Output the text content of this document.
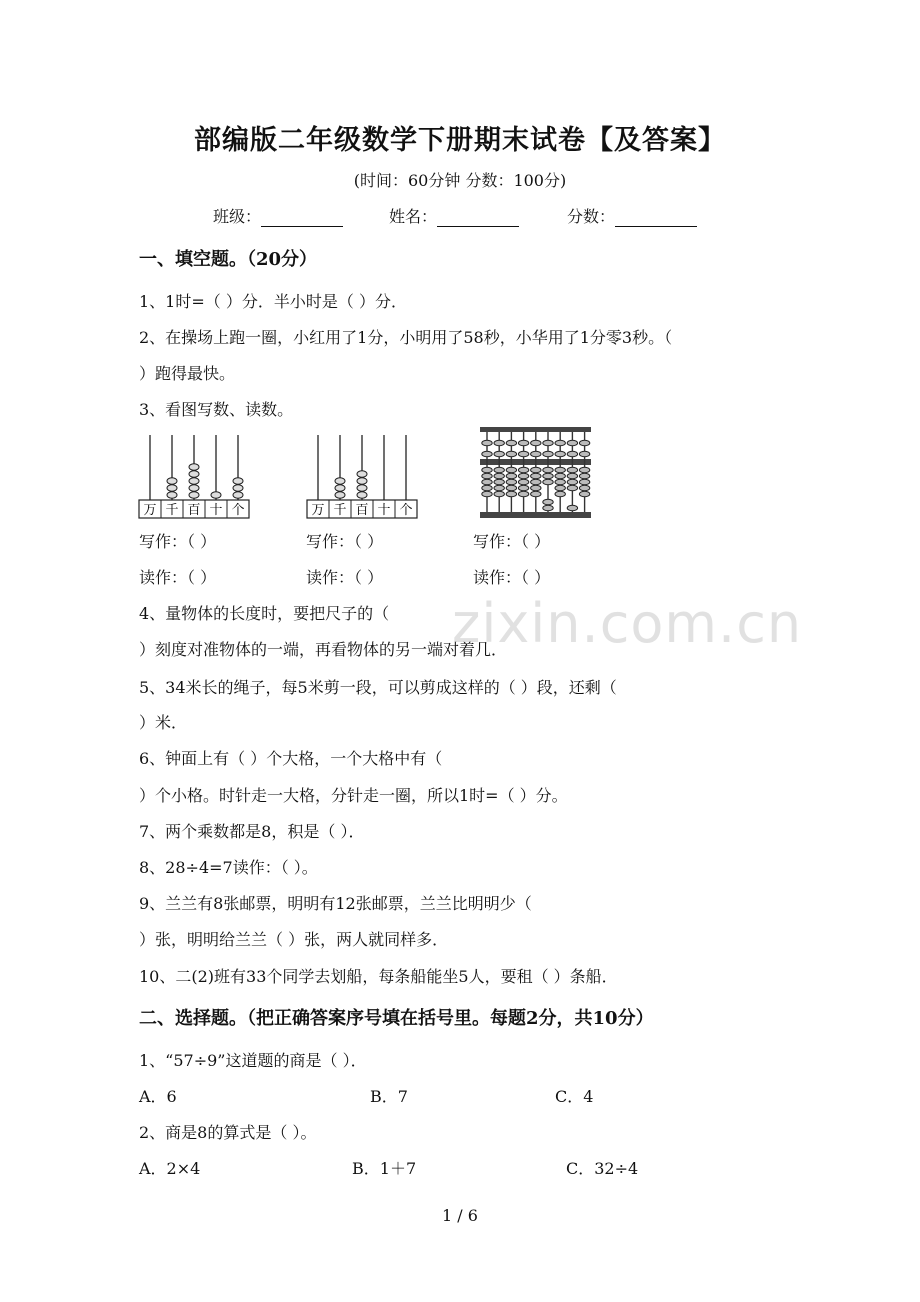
部编版二年级数学下册期末试卷【及答案】
(时间：60分钟 分数：100分)
班级：	姓名：	分数：
一、填空题。（20分）
1、1时=（ ）分．半小时是（ ）分．
2、在操场上跑一圈，小红用了1分，小明用了58秒，小华用了1分零3秒。（
）跑得最快。
3、看图写数、读数。
万 千 百 十 个	万 千 百 十 个
写作：（ ）	写作：（ ）	写作：（ ）
读作：（ ）	读作：（ ）	读作：（ ）
4、量物体的长度时，要把尺子的（
）刻度对准物体的一端，再看物体的另一端对着几．
5、34米长的绳子，每5米剪一段，可以剪成这样的（ ）段，还剩（
）米．
6、钟面上有（ ）个大格，一个大格中有（
）个小格。时针走一大格，分针走一圈，所以1时=（ ）分。
7、两个乘数都是8，积是（ ）．
8、28÷4=7读作：（ ）。
9、兰兰有8张邮票，明明有12张邮票，兰兰比明明少（
）张，明明给兰兰（ ）张，两人就同样多．
10、二(2)班有33个同学去划船，每条船能坐5人，要租（ ）条船．
二、选择题。（把正确答案序号填在括号里。每题2分，共10分）
1、“57÷9”这道题的商是（ ）．
A．6	B．7	C．4
2、商是8的算式是（ ）。
A．2×4	B．1＋7	C．32÷4
zixin.com.cn
1 / 6
